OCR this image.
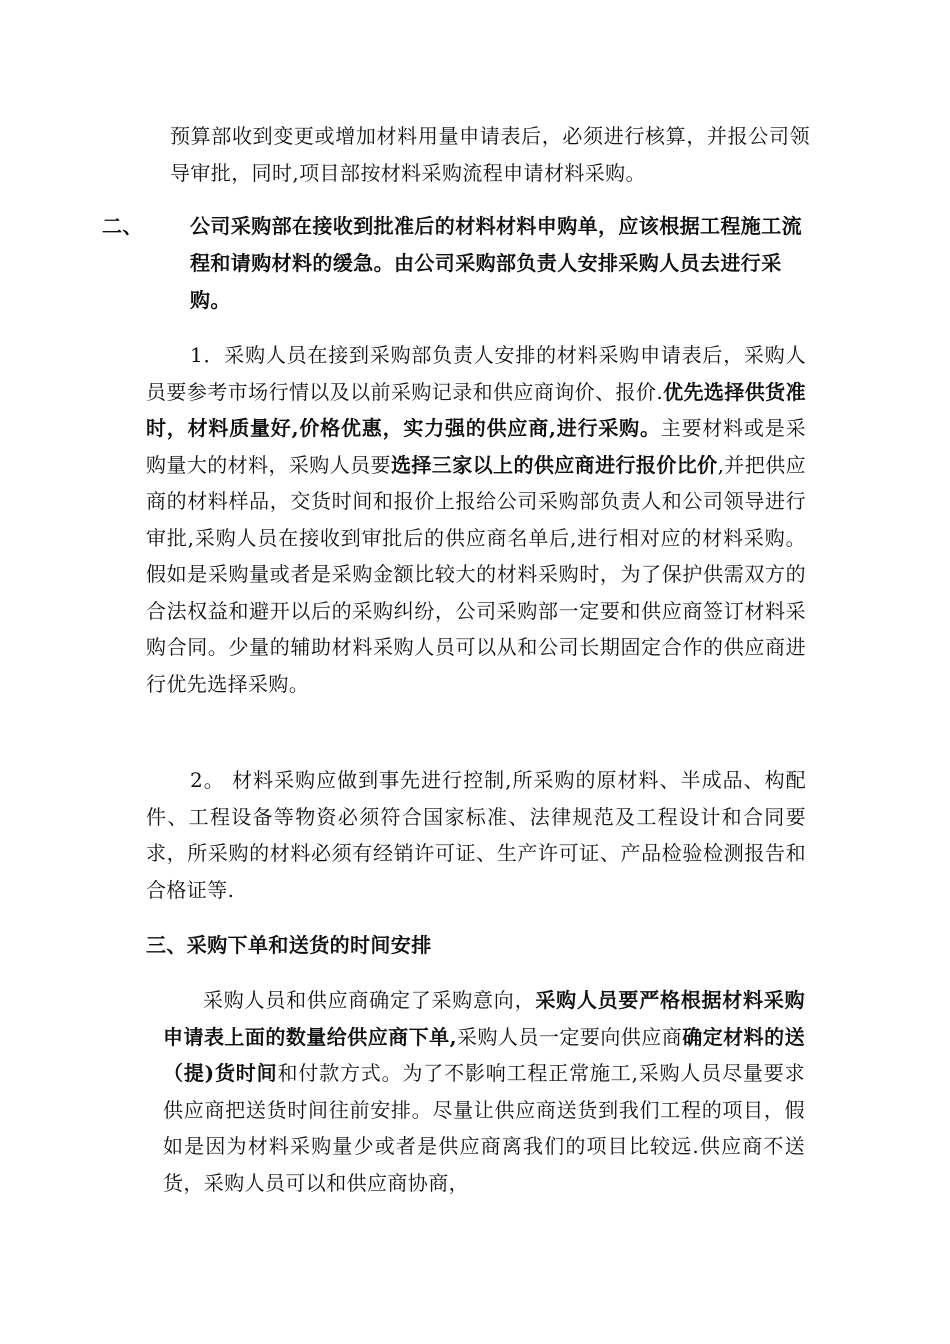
预算部收到变更或增加材料用量申请表后，必须进行核算，并报公司领导审批，同时,项目部按材料采购流程申请材料采购。

二、 公司采购部在接收到批准后的材料材料申购单，应该根据工程施工流程和请购材料的缓急。由公司采购部负责人安排采购人员去进行采购。

1．采购人员在接到采购部负责人安排的材料采购申请表后，采购人员要参考市场行情以及以前采购记录和供应商询价、报价.优先选择供货准时，材料质量好,价格优惠，实力强的供应商,进行采购。主要材料或是采购量大的材料，采购人员要选择三家以上的供应商进行报价比价,并把供应商的材料样品，交货时间和报价上报给公司采购部负责人和公司领导进行审批,采购人员在接收到审批后的供应商名单后,进行相对应的材料采购。假如是采购量或者是采购金额比较大的材料采购时，为了保护供需双方的合法权益和避开以后的采购纠纷，公司采购部一定要和供应商签订材料采购合同。少量的辅助材料采购人员可以从和公司长期固定合作的供应商进行优先选择采购。

2。 材料采购应做到事先进行控制,所采购的原材料、半成品、构配件、工程设备等物资必须符合国家标准、法律规范及工程设计和合同要求，所采购的材料必须有经销许可证、生产许可证、产品检验检测报告和合格证等.

三、采购下单和送货的时间安排

采购人员和供应商确定了采购意向，采购人员要严格根据材料采购申请表上面的数量给供应商下单,采购人员一定要向供应商确定材料的送（提)货时间和付款方式。为了不影响工程正常施工,采购人员尽量要求供应商把送货时间往前安排。尽量让供应商送货到我们工程的项目，假如是因为材料采购量少或者是供应商离我们的项目比较远.供应商不送货，采购人员可以和供应商协商，
